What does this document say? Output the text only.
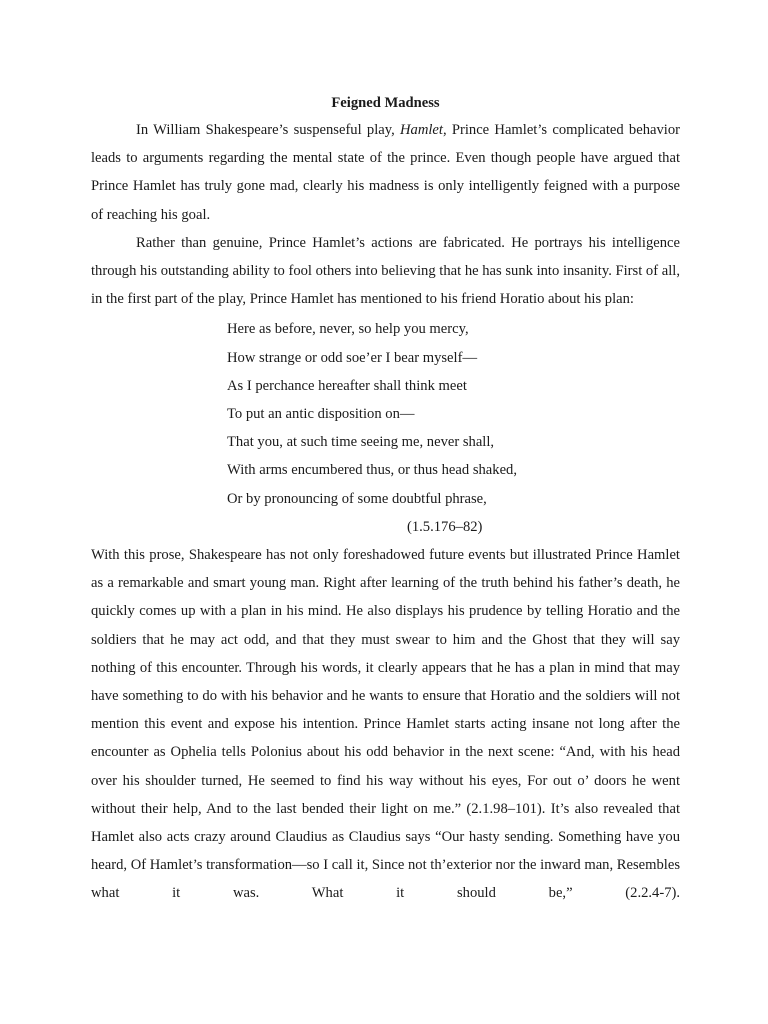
Feigned Madness

In William Shakespeare’s suspenseful play, Hamlet, Prince Hamlet’s complicated behavior leads to arguments regarding the mental state of the prince. Even though people have argued that Prince Hamlet has truly gone mad, clearly his madness is only intelligently feigned with a purpose of reaching his goal.

Rather than genuine, Prince Hamlet’s actions are fabricated. He portrays his intelligence through his outstanding ability to fool others into believing that he has sunk into insanity. First of all, in the first part of the play, Prince Hamlet has mentioned to his friend Horatio about his plan:

Here as before, never, so help you mercy,
How strange or odd soe’er I bear myself—
As I perchance hereafter shall think meet
To put an antic disposition on—
That you, at such time seeing me, never shall,
With arms encumbered thus, or thus head shaked,
Or by pronouncing of some doubtful phrase,
(1.5.176–82)

With this prose, Shakespeare has not only foreshadowed future events but illustrated Prince Hamlet as a remarkable and smart young man. Right after learning of the truth behind his father’s death, he quickly comes up with a plan in his mind. He also displays his prudence by telling Horatio and the soldiers that he may act odd, and that they must swear to him and the Ghost that they will say nothing of this encounter. Through his words, it clearly appears that he has a plan in mind that may have something to do with his behavior and he wants to ensure that Horatio and the soldiers will not mention this event and expose his intention. Prince Hamlet starts acting insane not long after the encounter as Ophelia tells Polonius about his odd behavior in the next scene: “And, with his head over his shoulder turned, He seemed to find his way without his eyes, For out o’ doors he went without their help, And to the last bended their light on me.” (2.1.98–101). It’s also revealed that Hamlet also acts crazy around Claudius as Claudius says “Our hasty sending. Something have you heard, Of Hamlet’s transformation—so I call it, Since not th’exterior nor the inward man, Resembles what it was. What it should be,” (2.2.4-7).
